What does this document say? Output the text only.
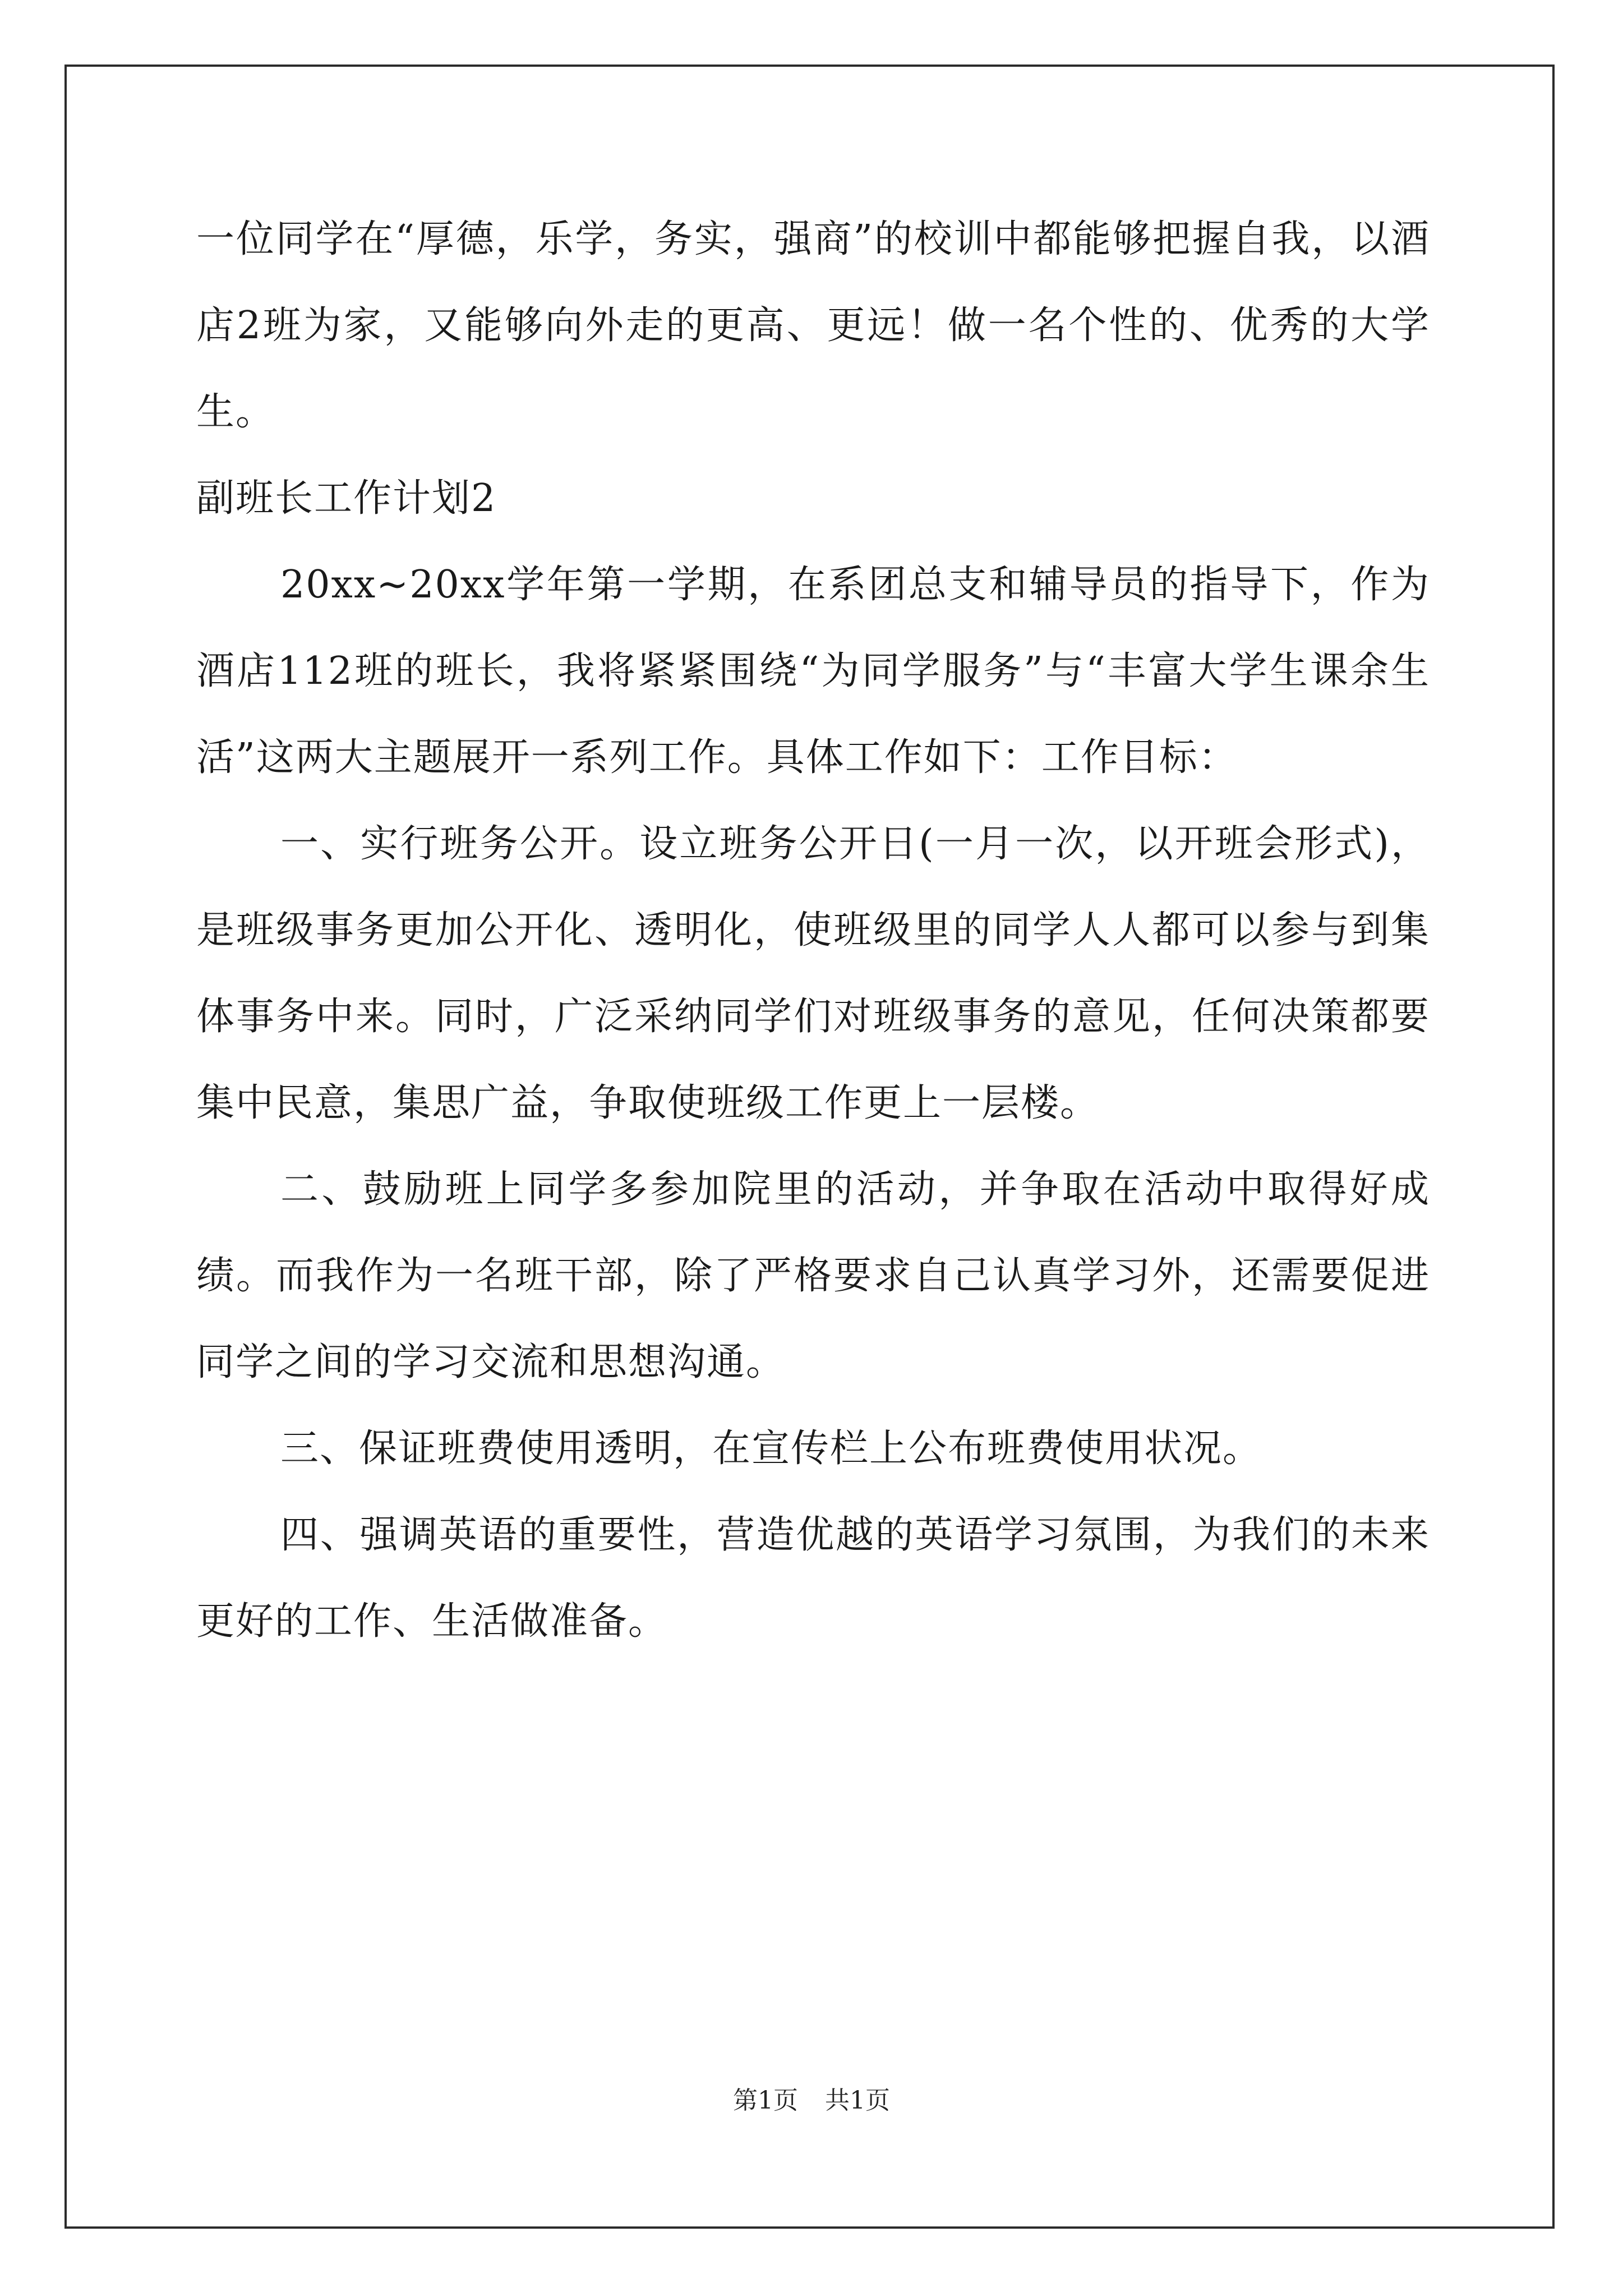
一位同学在“厚德，乐学，务实，强商”的校训中都能够把握自我，以酒店2班为家，又能够向外走的更高、更远！做一名个性的、优秀的大学生。

副班长工作计划2

20xx~20xx学年第一学期，在系团总支和辅导员的指导下，作为酒店112班的班长，我将紧紧围绕“为同学服务”与“丰富大学生课余生活”这两大主题展开一系列工作。具体工作如下：工作目标：

一、实行班务公开。设立班务公开日(一月一次，以开班会形式)，是班级事务更加公开化、透明化，使班级里的同学人人都可以参与到集体事务中来。同时，广泛采纳同学们对班级事务的意见，任何决策都要集中民意，集思广益，争取使班级工作更上一层楼。

二、鼓励班上同学多参加院里的活动，并争取在活动中取得好成绩。而我作为一名班干部，除了严格要求自己认真学习外，还需要促进同学之间的学习交流和思想沟通。

三、保证班费使用透明，在宣传栏上公布班费使用状况。

四、强调英语的重要性，营造优越的英语学习氛围，为我们的未来更好的工作、生活做准备。

第1页 共1页
